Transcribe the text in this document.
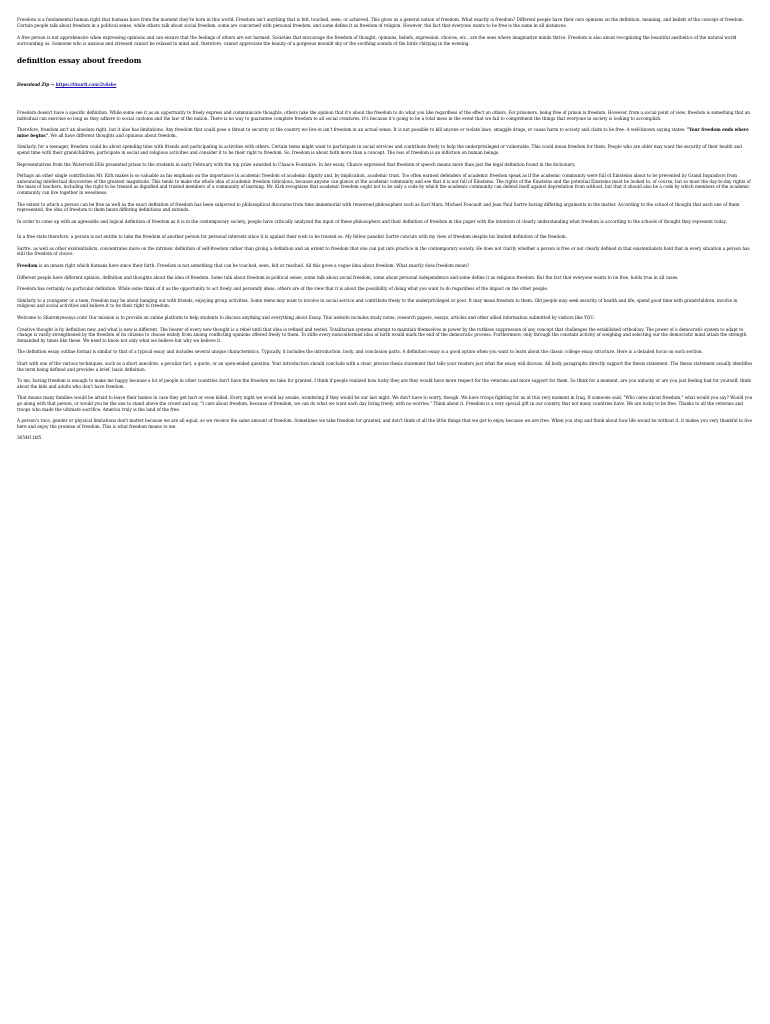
Freedom is a fundamental human right that humans have from the moment they're born in this world. Freedom isn't anything that is felt, touched, seen, or achieved. This gives us a general notion of freedom. What exactly is freedom? Different people have their own opinions on the definition, meaning, and beliefs of the concept of freedom. Certain people talk about freedom in a political sense, while others talk about social freedom, some are concerned with personal freedom, and some define it as freedom of religion. However, the fact that everyone wants to be free is the same in all instances.

A free person is not apprehensive when expressing opinions and can ensure that the feelings of others are not harmed. Societies that encourage the freedom of thought, opinions, beliefs, expression, choices, etc., are the ones where imaginative minds thrive. Freedom is also about recognizing the beautiful aesthetics of the natural world surrounding us. Someone who is anxious and stressed cannot be relaxed in mind and, therefore, cannot appreciate the beauty of a gorgeous moonlit sky or the soothing sounds of the birds chirping in the evening.

definition essay about freedom
Download Zip → https://tinurli.com/2v6sbe

Freedom doesn't have a specific definition. While some see it as an opportunity to freely express and communicate thoughts, others take the opinion that it's about the freedom to do what you like regardless of the effect on others. For prisoners, being free of prison is freedom. However, from a social point of view, freedom is something that an individual can exercise so long as they adhere to social customs and the law of the nation. There is no way to guarantee complete freedom to all social creatures. It's because it's going to be a total mess in the event that we fail to comprehend the things that everyone in society is looking to accomplish.

Therefore, freedom isn't an absolute right, but it also has limitations. Any freedom that could pose a threat to security or the country we live in isn't freedom in an actual sense. It is not possible to kill anyone or violate laws, smuggle drugs, or cause harm to society and claim to be free. A well-known saying states: "Your freedom ends where mine begins". We all have different thoughts and opinions about freedom.

Similarly, for a teenager, freedom could be about spending time with friends and participating in activities with others. Certain teens might want to participate in social services and contribute freely to help the underprivileged or vulnerable. This could mean freedom for them. People who are older may want the security of their health and spend time with their grandchildren, participate in social and religious activities and consider it to be their right to freedom. So, freedom is about faith more than a concept. The loss of freedom is an infliction on human beings.

Representatives from the Waterveld Ellis presented prizes to the students in early February with the top prize awarded to Chance Fountaire. In her essay, Chance expressed that freedom of speech means more than just the legal definition found in the dictionary.

Perhaps an other single contribution Mr. Kirk makes is so valuable as his emphasis on the importance in academic freedom of academic dignity and, by implication, academic trust. Too often earnest defenders of academic freedom speak as if the academic community were full of Einsteins about to be prevented by Grand Inquisitors from announcing intellectual discoveries of the greatest magnitude. This tends to make the whole idea of academic freedom ridiculous, because anyone can glance at the academic community and see that it is not full of Einsteins. The rights of the Einsteins and the potential Einsteins must be looked to, of course; but so must the day-to-day rights of the mass of teachers, including the right to be treated as dignified and trusted members of a community of learning. Mr. Kirk recognizes that academic freedom ought not to be only a code by which the academic community can defend itself against depredation from without, but that it should also be a code by which members of the academic community can live together in wesolness.

The extent to which a person can be free as well as the exact definition of freedom has been subjected to philosophical discourse from time immemorial with renowned philosophers such as Karl Marx, Michael Foucault and Jean Paul Sartre having differing arguments in the matter. According to the school of thought that each one of them represented, the idea of freedom to them bears differing definitions and extends.

In order to come up with an agreeable and logical definition of freedom as it is in the contemporary society, people have critically analyzed the input of these philosophers and their definition of freedom in this paper with the intention of clearly understanding what freedom is according to the schools of thought they represent today.

In a free state therefore, a person is not entitle to take the freedom of another person for personal interests since it is against their wish to be treated so. My fellow panelist Sartre concurs with my view of freedom despite his limited definition of the freedom.

Sartre, as well as other existentialists, concentrates more on the intrinsic definition of self-freedom rather than giving a definition and an extent to freedom that one can put into practice in the contemporary society. He does not clarify whether a person is free or not clearly defined in that existentialists hold that in every situation a person has still the freedom of choice.

Freedom is an innate right which humans have since their birth. Freedom is not something that can be touched, seen, felt or reached. All this gives a vague idea about freedom. What exactly does freedom mean?

Different people have different opinion, definition and thoughts about the idea of freedom. Some talk about freedom in political sense, some talk about social freedom, some about personal independence and some define it as religious freedom. But the fact that everyone wants to be free, holds true in all cases.

Freedom has certainly no particular definition. While some think of it as the opportunity to act freely and personify ideas, others are of the view that it is about the possibility of doing what you want to do regardless of the impact on the other people.

Similarly to a youngster or a teen, freedom may be about hanging out with friends, enjoying group activities. Some teens may want to involve in social service and contribute freely to the underprivileged or poor. It may mean freedom to them. Old people may seek security of health and life, spend good time with grandchildren, involve in religious and social activities and believe it to be their right to freedom.

Welcome to Sharemyessays.com! Our mission is to provide an online platform to help students to discuss anything and everything about Essay. This website includes study notes, research papers, essays, articles and other allied information submitted by visitors like YOU.

Creative thought is by definition new, and what is new is different. The bearer of every new thought is a rebel until that idea is refined and tested. Totalitarian systems attempt to maintain themselves in power by the ruthless suppression of any concept that challenges the established orthodoxy. The power of a democratic system to adapt to change is vastly strengthened by the freedom of its citizens to choose widely from among conflicting opinions offered freely to them. To stifle every nonconformist idea at birth would mark the end of the democratic process. Furthermore, only through the constant activity of weighing and selecting our the democratic mind attain the strength demanded by times like these. We need to know not only what we believe but why we believe it.

The definition essay outline format is similar to that of a typical essay and includes several unique characteristics. Typically, it includes the introduction, body, and conclusion parts. A definition essay is a good option when you want to learn about the classic college essay structure. Here is a detailed focus on each section.

Start with one of the various techniques, such as a short anecdote, a peculiar fact, a quote, or an open-ended question. Your introduction should conclude with a clear, precise thesis statement that tells your readers just what the essay will discuss. All body paragraphs directly support the thesis statement. The thesis statement usually identifies the term being defined and provides a brief, basic definition.

To me, having freedom is enough to make me happy because a lot of people in other countries don't have the freedom we take for granted. I think if people realized how lucky they are they would have more respect for the veterans and more support for them. So think for a moment, are you unlucky or are you just feeling bad for yourself, think about the kids and adults who don't have freedom.

That means many families would be afraid to leave their homes in case they get hurt or even killed. Every night we would lay awake, wondering if they would be our last night. We don't have to worry, though. We have troops fighting for us at this very moment in Iraq. If someone said, "Who cares about freedom," what would you say? Would you go along with that person, or would you be the one to stand above the crowd and say, "I care about freedom, because of freedom, we can do what we want each day living freely, with no worries." Think about it. Freedom is a very special gift in our country that not many countries have. We are lucky to be free. Thanks to all the veterans and troops who made the ultimate sacrifice. America truly is the land of the free.

A person's race, gender or physical limitations don't matter because we are all equal, so we receive the same amount of freedom. Sometimes we take freedom for granted, and don't think of all the little things that we get to enjoy because we are free. When you stop and think about how life would be without it, it makes you very thankful to live here and enjoy the promise of freedom. This is what freedom means to me.

3654f11bf5
